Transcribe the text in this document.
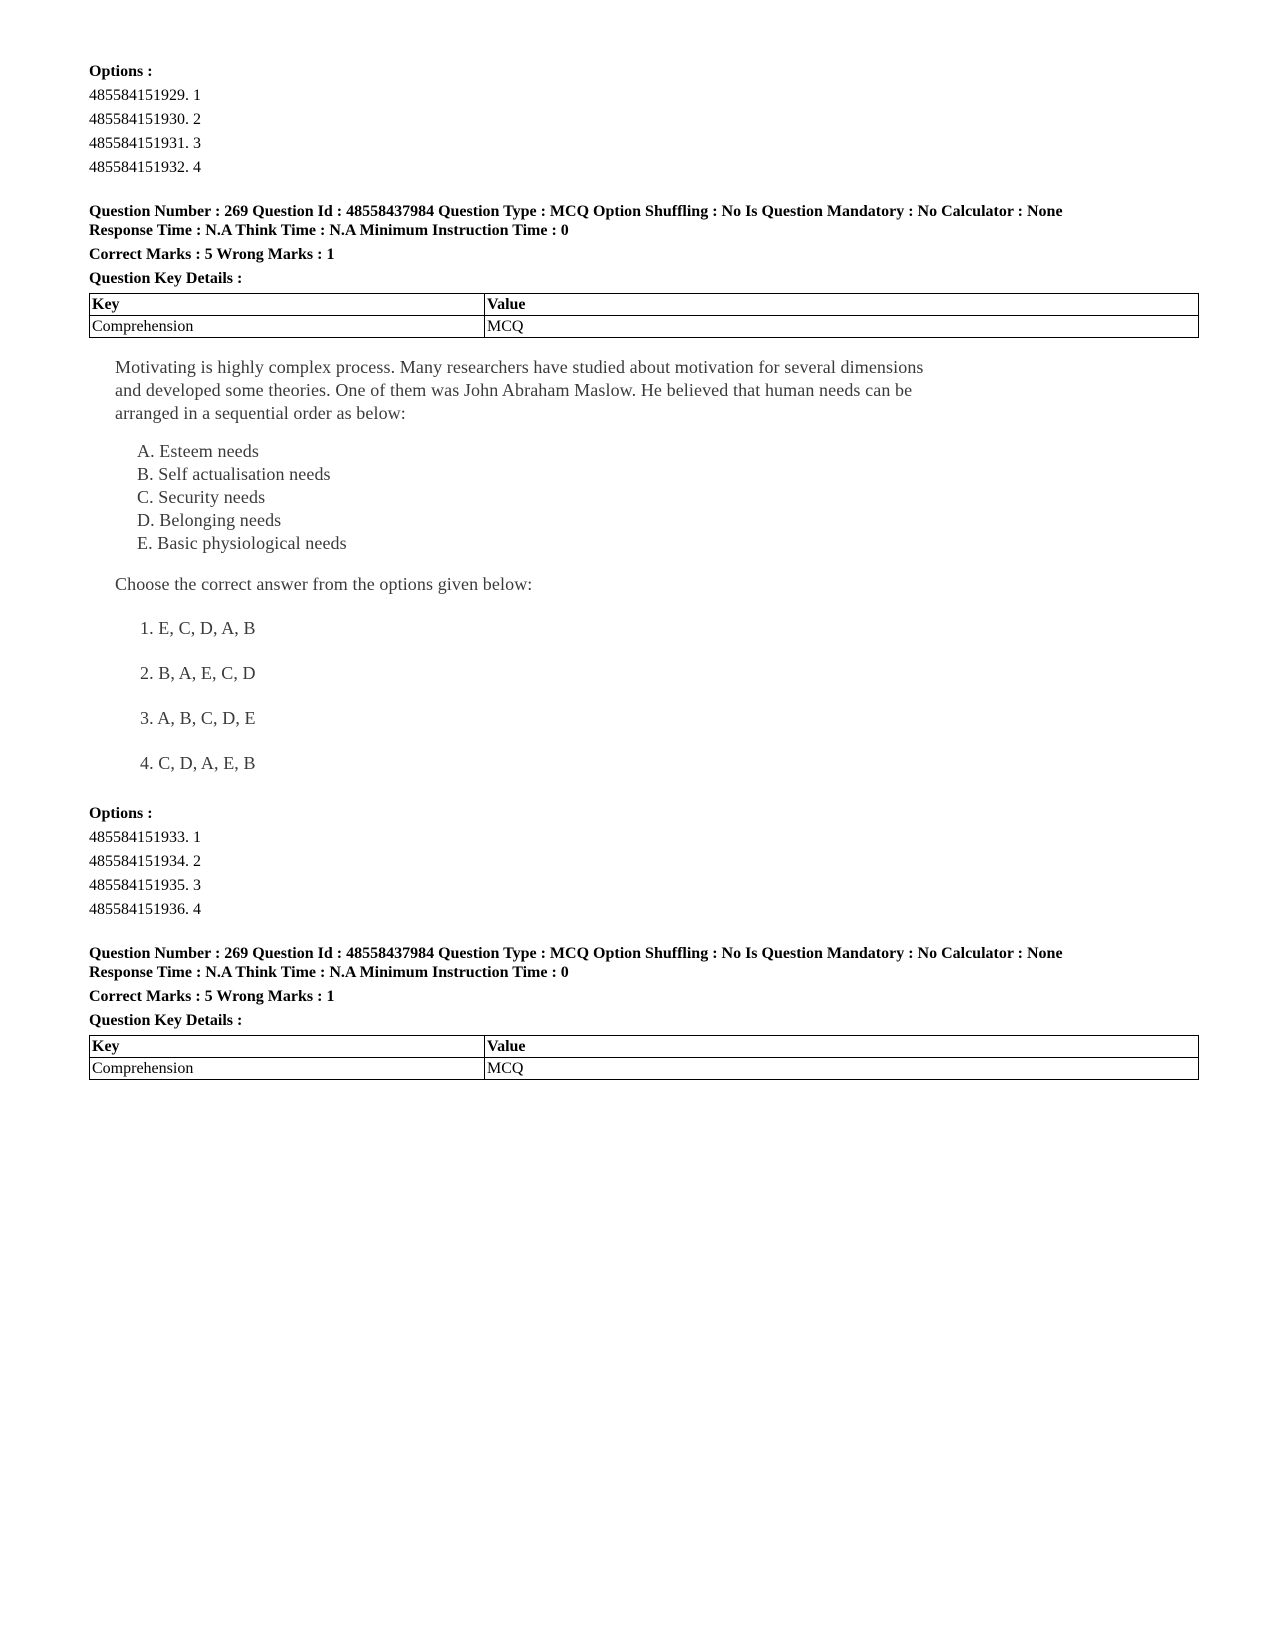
Options :
485584151929. 1
485584151930. 2
485584151931. 3
485584151932. 4
Question Number : 269 Question Id : 48558437984 Question Type : MCQ Option Shuffling : No Is Question Mandatory : No Calculator : None
Response Time : N.A Think Time : N.A Minimum Instruction Time : 0
Correct Marks : 5 Wrong Marks : 1
Question Key Details :
Key	Value
Comprehension	MCQ
Motivating is highly complex process. Many researchers have studied about motivation for several dimensions
and developed some theories. One of them was John Abraham Maslow. He believed that human needs can be
arranged in a sequential order as below:
A. Esteem needs
B. Self actualisation needs
C. Security needs
D. Belonging needs
E. Basic physiological needs
Choose the correct answer from the options given below:
1. E, C, D, A, B
2. B, A, E, C, D
3. A, B, C, D, E
4. C, D, A, E, B
Options :
485584151933. 1
485584151934. 2
485584151935. 3
485584151936. 4
Question Number : 269 Question Id : 48558437984 Question Type : MCQ Option Shuffling : No Is Question Mandatory : No Calculator : None
Response Time : N.A Think Time : N.A Minimum Instruction Time : 0
Correct Marks : 5 Wrong Marks : 1
Question Key Details :
Key	Value
Comprehension	MCQ
